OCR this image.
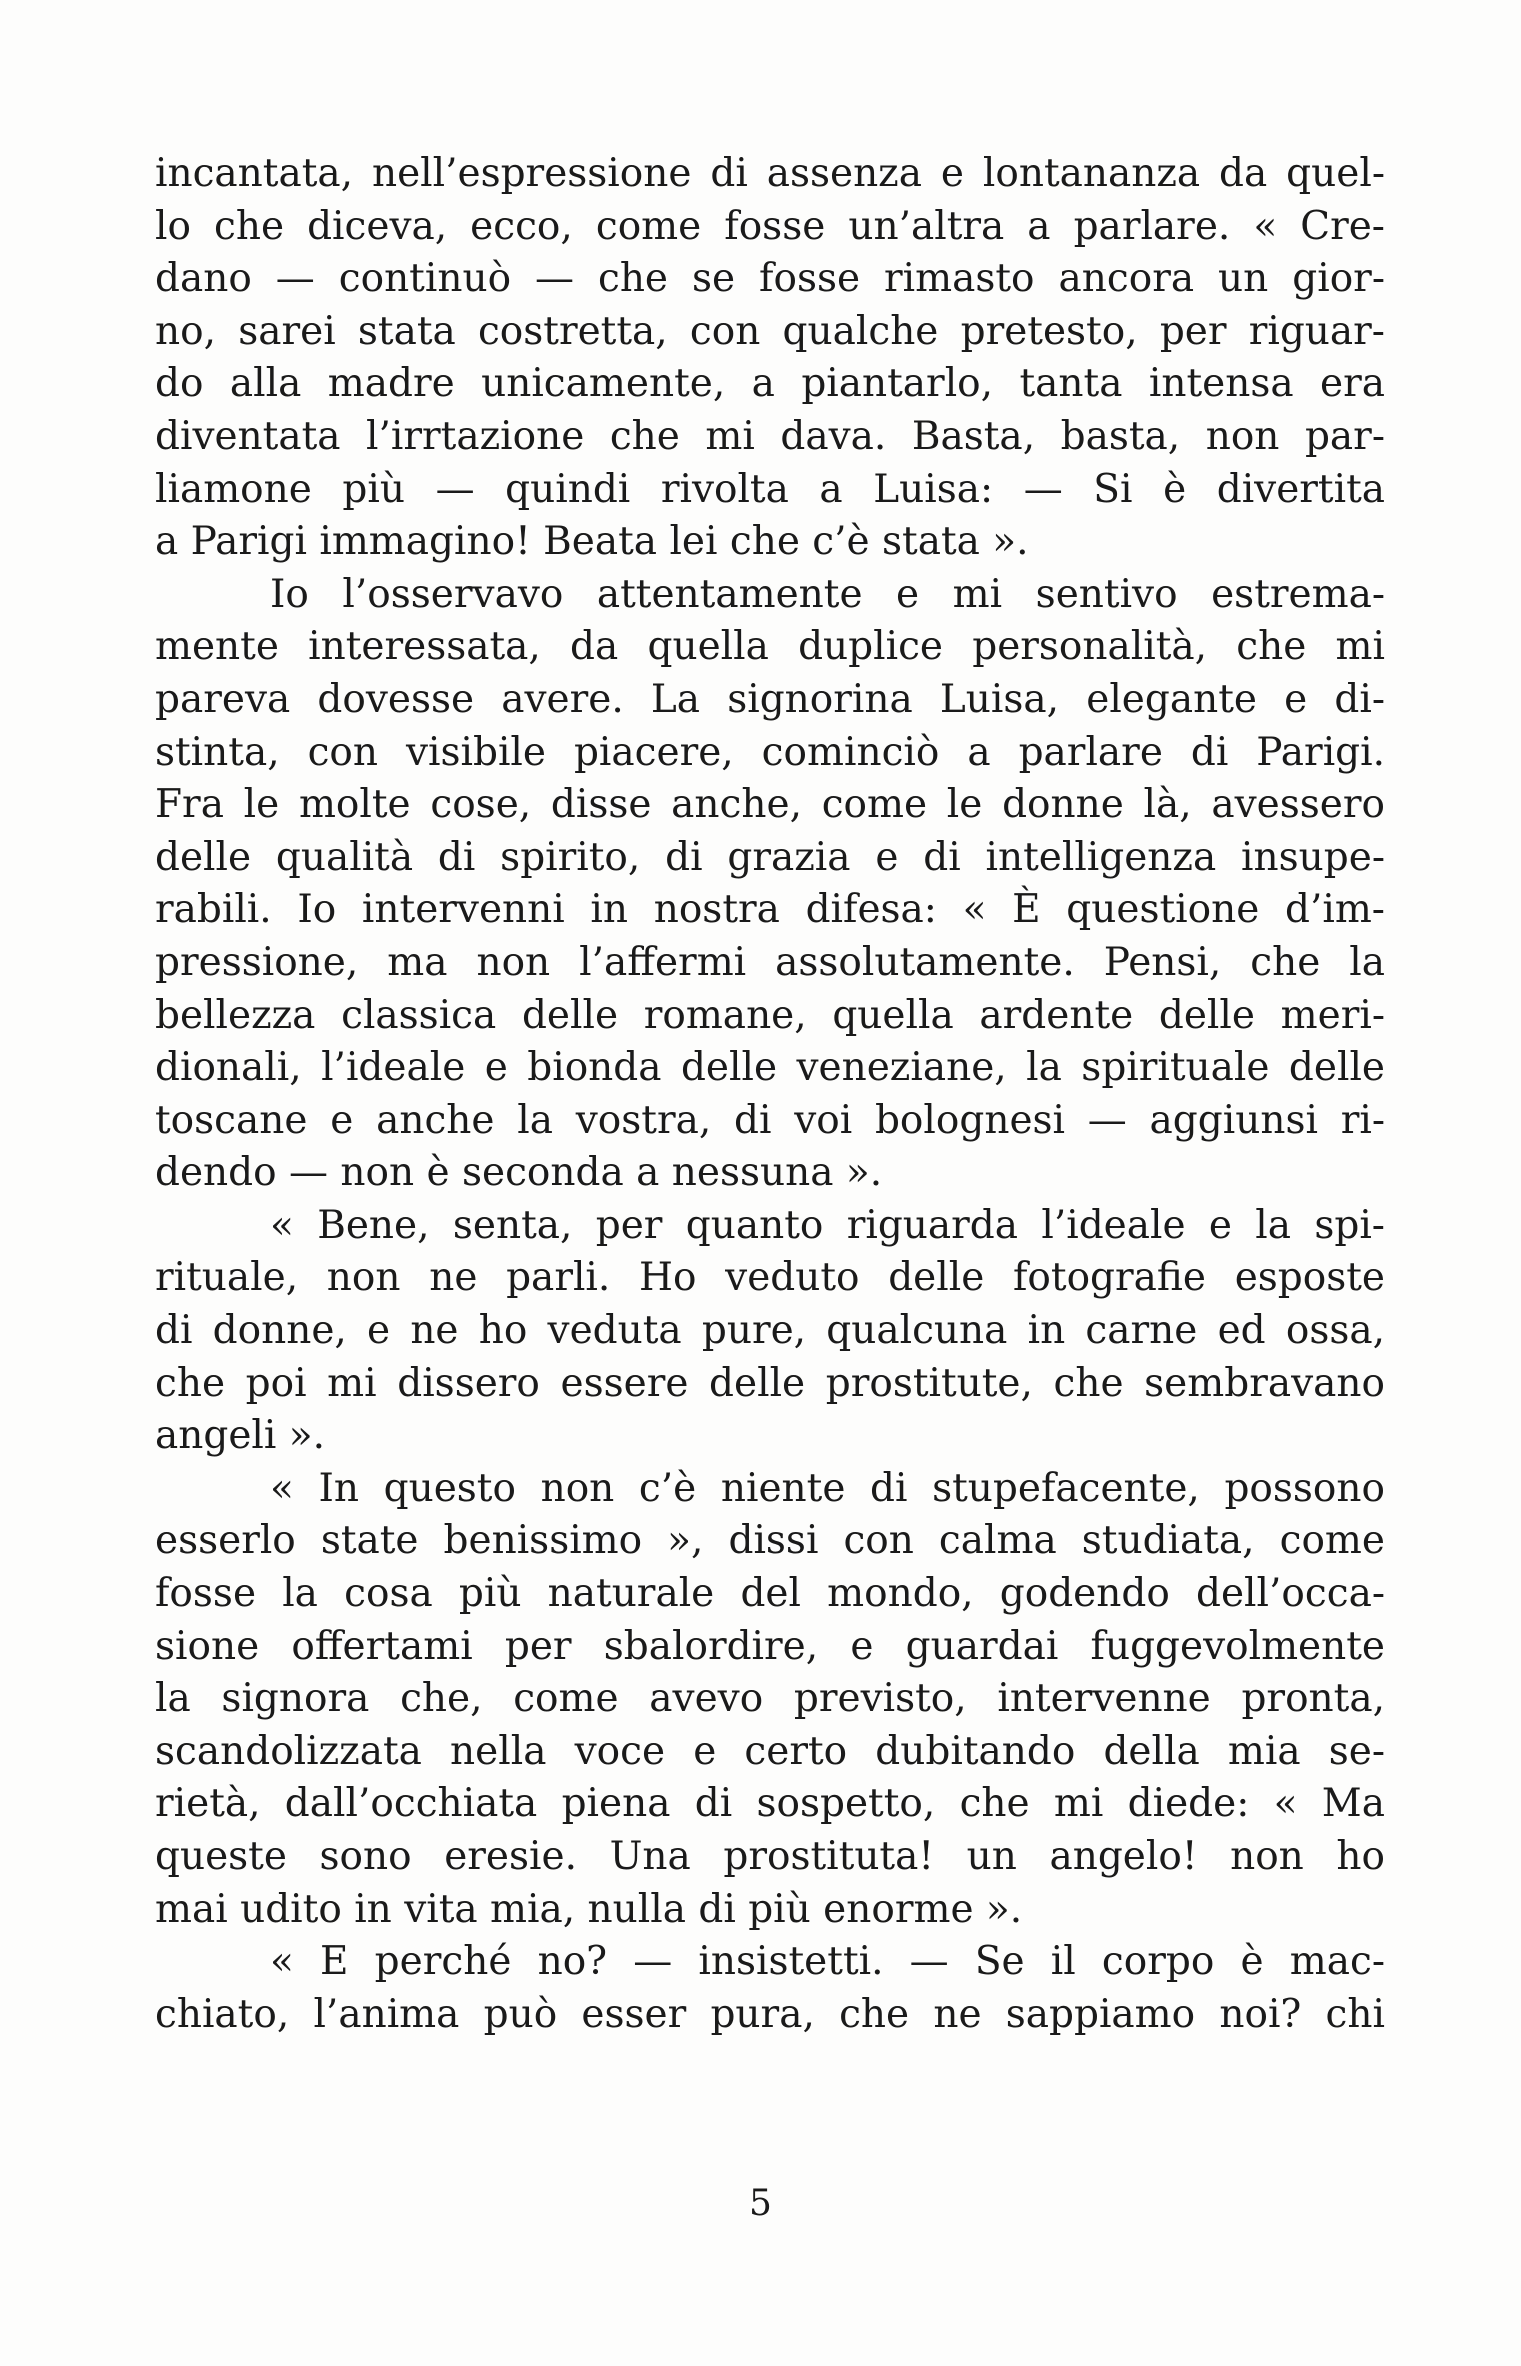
incantata, nell’espressione di assenza e lontananza da quel-
lo che diceva, ecco, come fosse un’altra a parlare. « Cre-
dano — continuò — che se fosse rimasto ancora un gior-
no, sarei stata costretta, con qualche pretesto, per riguar-
do alla madre unicamente, a piantarlo, tanta intensa era
diventata l’irrtazione che mi dava. Basta, basta, non par-
liamone più — quindi rivolta a Luisa: — Si è divertita
a Parigi immagino! Beata lei che c’è stata ».
Io l’osservavo attentamente e mi sentivo estrema-
mente interessata, da quella duplice personalità, che mi
pareva dovesse avere. La signorina Luisa, elegante e di-
stinta, con visibile piacere, cominciò a parlare di Parigi.
Fra le molte cose, disse anche, come le donne là, avessero
delle qualità di spirito, di grazia e di intelligenza insupe-
rabili. Io intervenni in nostra difesa: « È questione d’im-
pressione, ma non l’affermi assolutamente. Pensi, che la
bellezza classica delle romane, quella ardente delle meri-
dionali, l’ideale e bionda delle veneziane, la spirituale delle
toscane e anche la vostra, di voi bolognesi — aggiunsi ri-
dendo — non è seconda a nessuna ».
« Bene, senta, per quanto riguarda l’ideale e la spi-
rituale, non ne parli. Ho veduto delle fotografie esposte
di donne, e ne ho veduta pure, qualcuna in carne ed ossa,
che poi mi dissero essere delle prostitute, che sembravano
angeli ».
« In questo non c’è niente di stupefacente, possono
esserlo state benissimo », dissi con calma studiata, come
fosse la cosa più naturale del mondo, godendo dell’occa-
sione offertami per sbalordire, e guardai fuggevolmente
la signora che, come avevo previsto, intervenne pronta,
scandolizzata nella voce e certo dubitando della mia se-
rietà, dall’occhiata piena di sospetto, che mi diede: « Ma
queste sono eresie. Una prostituta! un angelo! non ho
mai udito in vita mia, nulla di più enorme ».
« E perché no? — insistetti. — Se il corpo è mac-
chiato, l’anima può esser pura, che ne sappiamo noi? chi
5
